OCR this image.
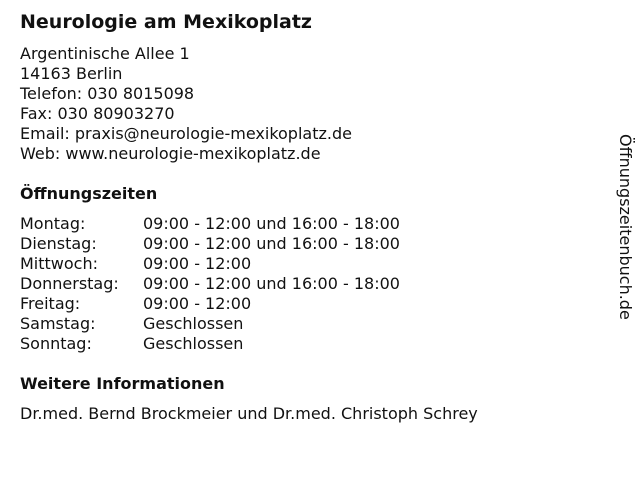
Neurologie am Mexikoplatz
Argentinische Allee 1
14163 Berlin
Telefon: 030 8015098
Fax: 030 80903270
Email: praxis@neurologie-mexikoplatz.de
Web: www.neurologie-mexikoplatz.de
Öffnungszeiten
Montag:	09:00 - 12:00 und 16:00 - 18:00
Dienstag:	09:00 - 12:00 und 16:00 - 18:00
Mittwoch:	09:00 - 12:00
Donnerstag:	09:00 - 12:00 und 16:00 - 18:00
Freitag:	09:00 - 12:00
Samstag:	Geschlossen
Sonntag:	Geschlossen
Weitere Informationen
Dr.med. Bernd Brockmeier und Dr.med. Christoph Schrey
Öffnungszeitenbuch.de
